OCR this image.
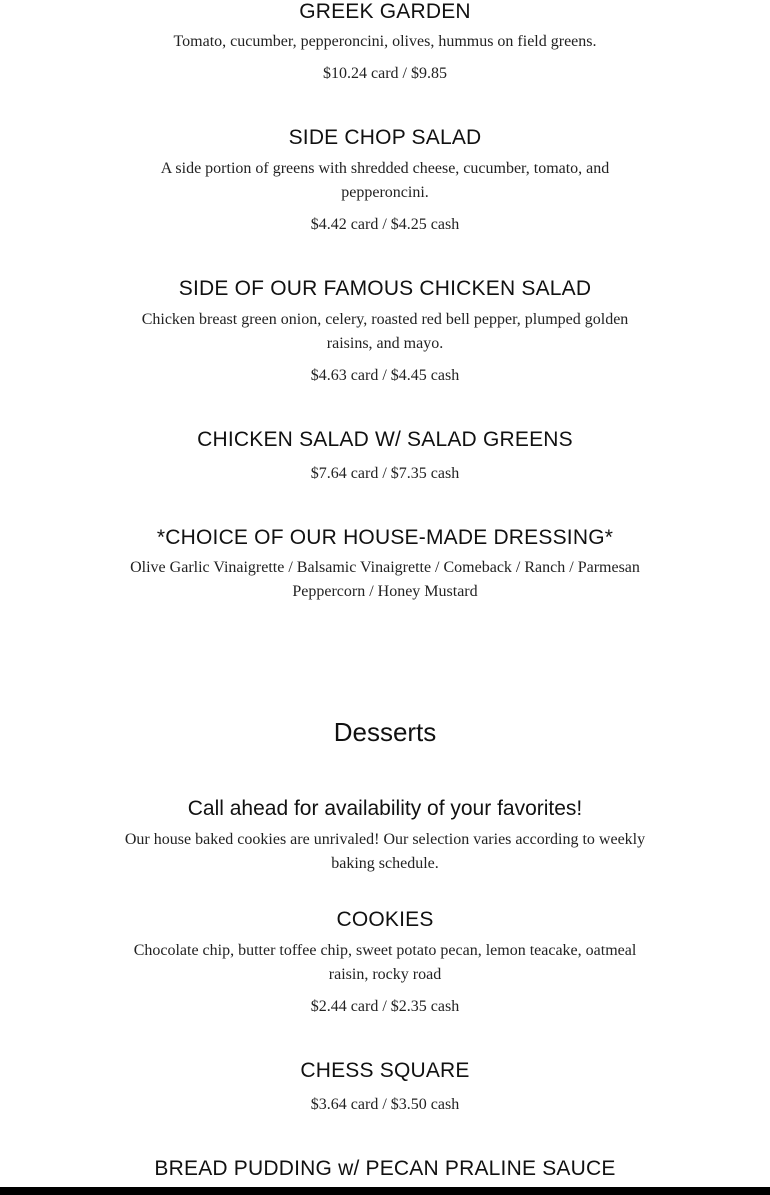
GREEK GARDEN
Tomato, cucumber, pepperoncini, olives, hummus on field greens.
$10.24 card / $9.85
SIDE CHOP SALAD
A side portion of greens with shredded cheese, cucumber, tomato, and pepperoncini.
$4.42 card / $4.25 cash
SIDE OF OUR FAMOUS CHICKEN SALAD
Chicken breast green onion, celery, roasted red bell pepper, plumped golden raisins, and mayo.
$4.63 card / $4.45 cash
CHICKEN SALAD W/ SALAD GREENS
$7.64 card / $7.35 cash
*CHOICE OF OUR HOUSE-MADE DRESSING*
Olive Garlic Vinaigrette / Balsamic Vinaigrette / Comeback / Ranch / Parmesan Peppercorn / Honey Mustard
Desserts
Call ahead for availability of your favorites!
Our house baked cookies are unrivaled! Our selection varies according to weekly baking schedule.
COOKIES
Chocolate chip, butter toffee chip, sweet potato pecan, lemon teacake, oatmeal raisin, rocky road
$2.44 card / $2.35 cash
CHESS SQUARE
$3.64 card / $3.50 cash
BREAD PUDDING w/ PECAN PRALINE SAUCE
